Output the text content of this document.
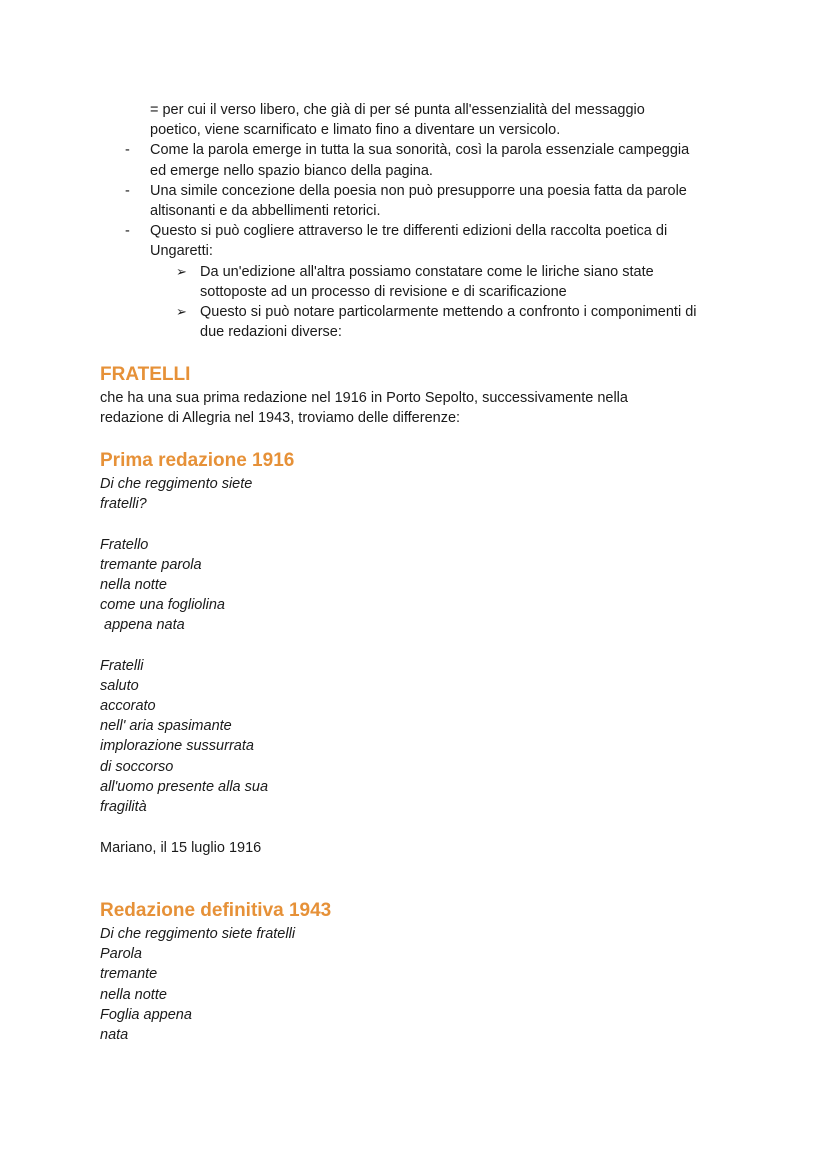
= per cui il verso libero, che già di per sé punta all'essenzialità del messaggio
poetico, viene scarnificato e limato fino a diventare un versicolo.
- Come la parola emerge in tutta la sua sonorità, così la parola essenziale campeggia
ed emerge nello spazio bianco della pagina.
- Una simile concezione della poesia non può presupporre una poesia fatta da parole
altisonanti e da abbellimenti retorici.
- Questo si può cogliere attraverso le tre differenti edizioni della raccolta poetica di
Ungaretti:
➢ Da un'edizione all'altra possiamo constatare come le liriche siano state
sottoposte ad un processo di revisione e di scarificazione
➢ Questo si può notare particolarmente mettendo a confronto i componimenti di
due redazioni diverse:
FRATELLI
che ha una sua prima redazione nel 1916 in Porto Sepolto, successivamente nella
redazione di Allegria nel 1943, troviamo delle differenze:
Prima redazione 1916
Di che reggimento siete
fratelli?
Fratello
tremante parola
nella notte
come una fogliolina
appena nata
Fratelli
saluto
accorato
nell' aria spasimante
implorazione sussurrata
di soccorso
all'uomo presente alla sua
fragilità
Mariano, il 15 luglio 1916
Redazione definitiva 1943
Di che reggimento siete fratelli
Parola
tremante
nella notte
Foglia appena
nata
